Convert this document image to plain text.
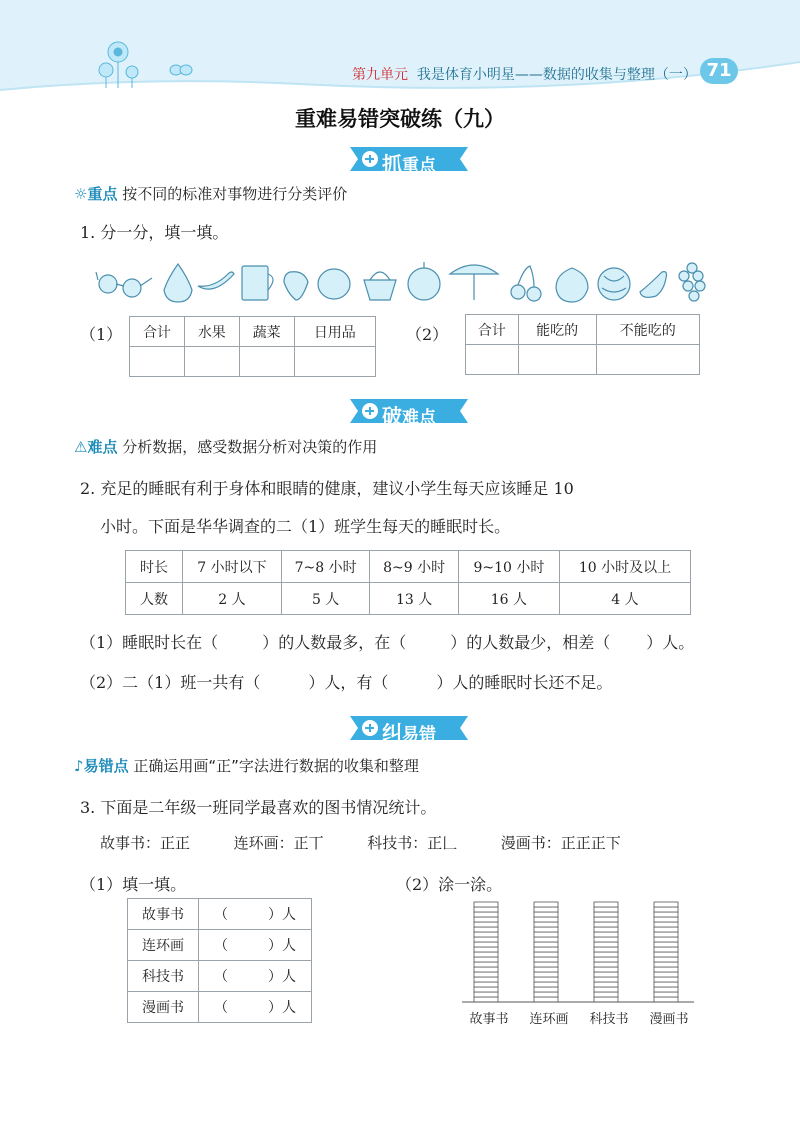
第九单元 我是体育小明星——数据的收集与整理（一） 71
重难易错突破练（九）
抓重点
☼重点 按不同的标准对事物进行分类评价
1. 分一分，填一填。
（1） 合计	水果	蔬菜	日用品
				（2） 合计	能吃的	不能吃的

破难点
⚠难点 分析数据，感受数据分析对决策的作用
2. 充足的睡眠有利于身体和眼睛的健康，建议小学生每天应该睡足 10
小时。下面是华华调查的二（1）班学生每天的睡眠时长。
时长	7 小时以下	7~8 小时	8~9 小时	9~10 小时	10 小时及以上
人数	2 人	5 人	13 人	16 人	4 人
（1）睡眠时长在（	）的人数最多，在（	）的人数最少，相差（ ）人。
（2）二（1）班一共有（	）人，有（	）人的睡眠时长还不足。
纠易错
♪易错点 正确运用画“正”字法进行数据的收集和整理
3. 下面是二年级一班同学最喜欢的图书情况统计。
故事书：正正	连环画：正丅	科技书：正𠃊	漫画书：正正正下
（1）填一填。	（2）涂一涂。
故事书	（ ）人
连环画	（ ）人
科技书	（ ）人
漫画书	（ ）人
故事书 连环画 科技书 漫画书
